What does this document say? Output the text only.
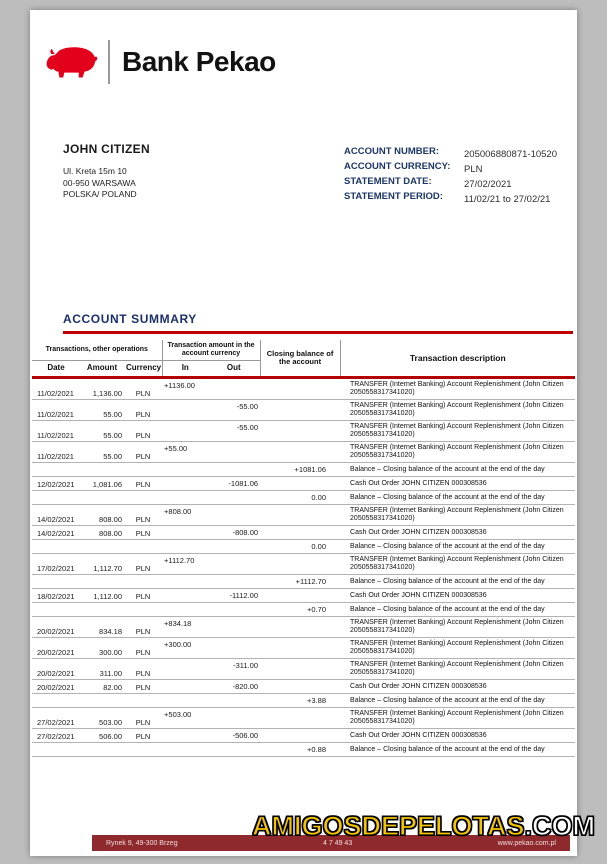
Bank Pekao
JOHN CITIZEN
Ul. Kreta 15m 10
00-950 WARSAWA
POLSKA/ POLAND
ACCOUNT NUMBER:	205006880871-10520
ACCOUNT CURRENCY:	PLN
STATEMENT DATE:	27/02/2021
STATEMENT PERIOD:	11/02/21 to 27/02/21
ACCOUNT SUMMARY
Transactions, other operations			Transaction amount in the account currency		Closing balance of the account	Transaction description
Date	Amount	Currency	In	Out		
11/02/2021	1,136.00	PLN	+1136.00			TRANSFER (Internet Banking) Account Replenishment (John Citizen 2050558317341020)
11/02/2021	55.00	PLN		-55.00		TRANSFER (Internet Banking) Account Replenishment (John Citizen 2050558317341020)
11/02/2021	55.00	PLN		-55.00		TRANSFER (Internet Banking) Account Replenishment (John Citizen 2050558317341020)
11/02/2021	55.00	PLN	+55.00			TRANSFER (Internet Banking) Account Replenishment (John Citizen 2050558317341020)
					+1081.06	Balance – Closing balance of the account at the end of the day
12/02/2021	1,081.06	PLN		-1081.06		Cash Out Order JOHN CITIZEN 000308536
					0.00	Balance – Closing balance of the account at the end of the day
14/02/2021	808.00	PLN	+808.00			TRANSFER (Internet Banking) Account Replenishment (John Citizen 2050558317341020)
14/02/2021	808.00	PLN		-808.00		Cash Out Order JOHN CITIZEN 000308536
					0.00	Balance – Closing balance of the account at the end of the day
17/02/2021	1,112.70	PLN	+1112.70			TRANSFER (Internet Banking) Account Replenishment (John Citizen 2050558317341020)
					+1112.70	Balance – Closing balance of the account at the end of the day
18/02/2021	1,112.00	PLN		-1112.00		Cash Out Order JOHN CITIZEN 000308536
					+0.70	Balance – Closing balance of the account at the end of the day
20/02/2021	834.18	PLN	+834.18			TRANSFER (Internet Banking) Account Replenishment (John Citizen 2050558317341020)
20/02/2021	300.00	PLN	+300.00			TRANSFER (Internet Banking) Account Replenishment (John Citizen 2050558317341020)
20/02/2021	311.00	PLN		-311.00		TRANSFER (Internet Banking) Account Replenishment (John Citizen 2050558317341020)
20/02/2021	82.00	PLN		-820.00		Cash Out Order JOHN CITIZEN 000308536
					+3.88	Balance – Closing balance of the account at the end of the day
27/02/2021	503.00	PLN	+503.00			TRANSFER (Internet Banking) Account Replenishment (John Citizen 2050558317341020)
27/02/2021	506.00	PLN		-506.00		Cash Out Order JOHN CITIZEN 000308536
					+0.88	Balance – Closing balance of the account at the end of the day
AMIGOSDEPELOTAS.COM
Rynek 9, 49-300 Brzeg	4 7 49 43	www.pekao.com.pl
